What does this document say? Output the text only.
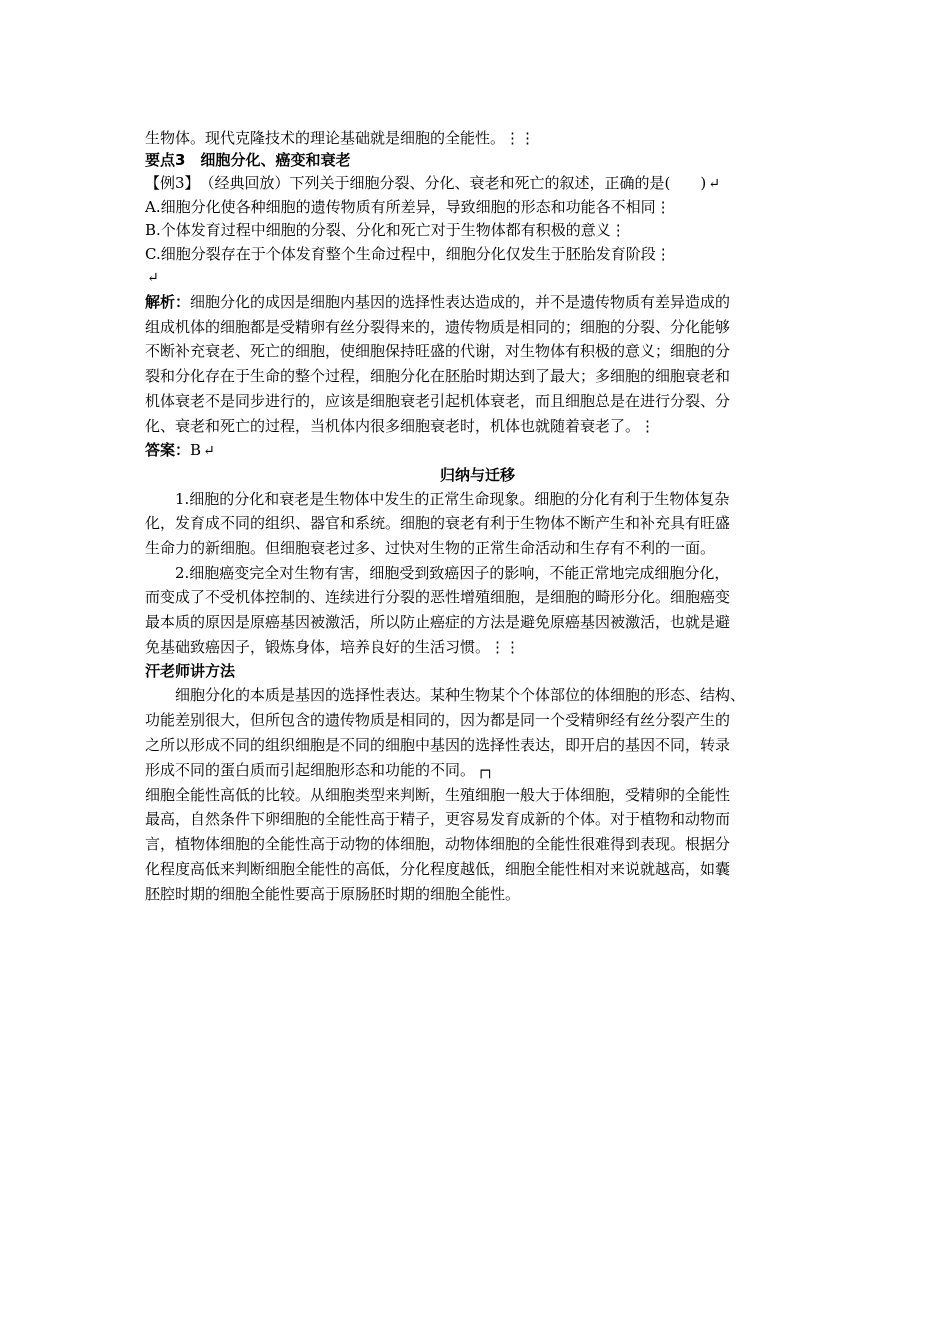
生物体。现代克隆技术的理论基础就是细胞的全能性。⋮⋮
要点3　细胞分化、癌变和衰老
【例3】　（经典回放）下列关于细胞分裂、分化、衰老和死亡的叙述，正确的是(　　) ↵
A.细胞分化使各种细胞的遗传物质有所差异，导致细胞的形态和功能各不相同⋮
B.个体发育过程中细胞的分裂、分化和死亡对于生物体都有积极的意义⋮
C.细胞分裂存在于个体发育整个生命过程中，细胞分化仅发生于胚胎发育阶段⋮
↵
解析：细胞分化的成因是细胞内基因的选择性表达造成的，并不是遗传物质有差异造成的
组成机体的细胞都是受精卵有丝分裂得来的，遗传物质是相同的；细胞的分裂、分化能够
不断补充衰老、死亡的细胞，使细胞保持旺盛的代谢，对生物体有积极的意义；细胞的分
裂和分化存在于生命的整个过程，细胞分化在胚胎时期达到了最大；多细胞的细胞衰老和
机体衰老不是同步进行的，应该是细胞衰老引起机体衰老，而且细胞总是在进行分裂、分
化、衰老和死亡的过程，当机体内很多细胞衰老时，机体也就随着衰老了。⋮
答案：B ↵
归纳与迁移
　　1.细胞的分化和衰老是生物体中发生的正常生命现象。细胞的分化有利于生物体复杂
化，发育成不同的组织、器官和系统。细胞的衰老有利于生物体不断产生和补充具有旺盛
生命力的新细胞。但细胞衰老过多、过快对生物的正常生命活动和生存有不利的一面。
　　2.细胞癌变完全对生物有害，细胞受到致癌因子的影响，不能正常地完成细胞分化，
而变成了不受机体控制的、连续进行分裂的恶性增殖细胞，是细胞的畸形分化。细胞癌变
最本质的原因是原癌基因被激活，所以防止癌症的方法是避免原癌基因被激活，也就是避
免基础致癌因子，锻炼身体，培养良好的生活习惯。⋮⋮
汗老师讲方法
　　细胞分化的本质是基因的选择性表达。某种生物某个个体部位的体细胞的形态、结构、
功能差别很大，但所包含的遗传物质是相同的，因为都是同一个受精卵经有丝分裂产生的
之所以形成不同的组织细胞是不同的细胞中基因的选择性表达，即开启的基因不同，转录
形成不同的蛋白质而引起细胞形态和功能的不同。 ┌┐
细胞全能性高低的比较。从细胞类型来判断，生殖细胞一般大于体细胞，受精卵的全能性
最高，自然条件下卵细胞的全能性高于精子，更容易发育成新的个体。对于植物和动物而
言，植物体细胞的全能性高于动物的体细胞，动物体细胞的全能性很难得到表现。根据分
化程度高低来判断细胞全能性的高低，分化程度越低，细胞全能性相对来说就越高，如囊
胚腔时期的细胞全能性要高于原肠胚时期的细胞全能性。
